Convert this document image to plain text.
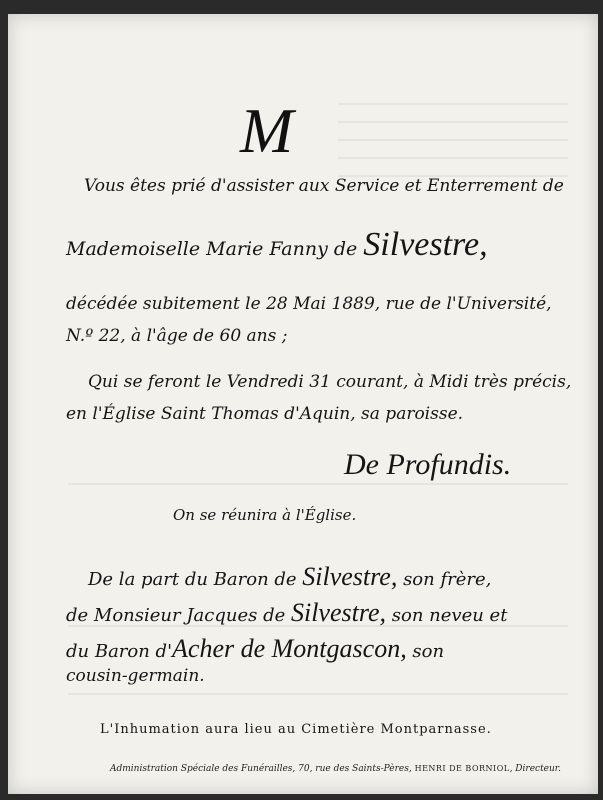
M
Vous êtes prié d'assister aux Service et Enterrement de
Mademoiselle Marie Fanny de Silvestre,
décédée subitement le 28 Mai 1889, rue de l'Université,
N.º 22, à l'âge de 60 ans ;
Qui se feront le Vendredi 31 courant, à Midi très précis,
en l'Église Saint Thomas d'Aquin, sa paroisse.
De Profundis.
On se réunira à l'Église.
De la part du Baron de Silvestre, son frère,
de Monsieur Jacques de Silvestre, son neveu et
du Baron d'Acher de Montgascon, son
cousin-germain.
L'Inhumation aura lieu au Cimetière Montparnasse.
Administration Spéciale des Funérailles, 70, rue des Saints-Pères, HENRI DE BORNIOL, Directeur.
